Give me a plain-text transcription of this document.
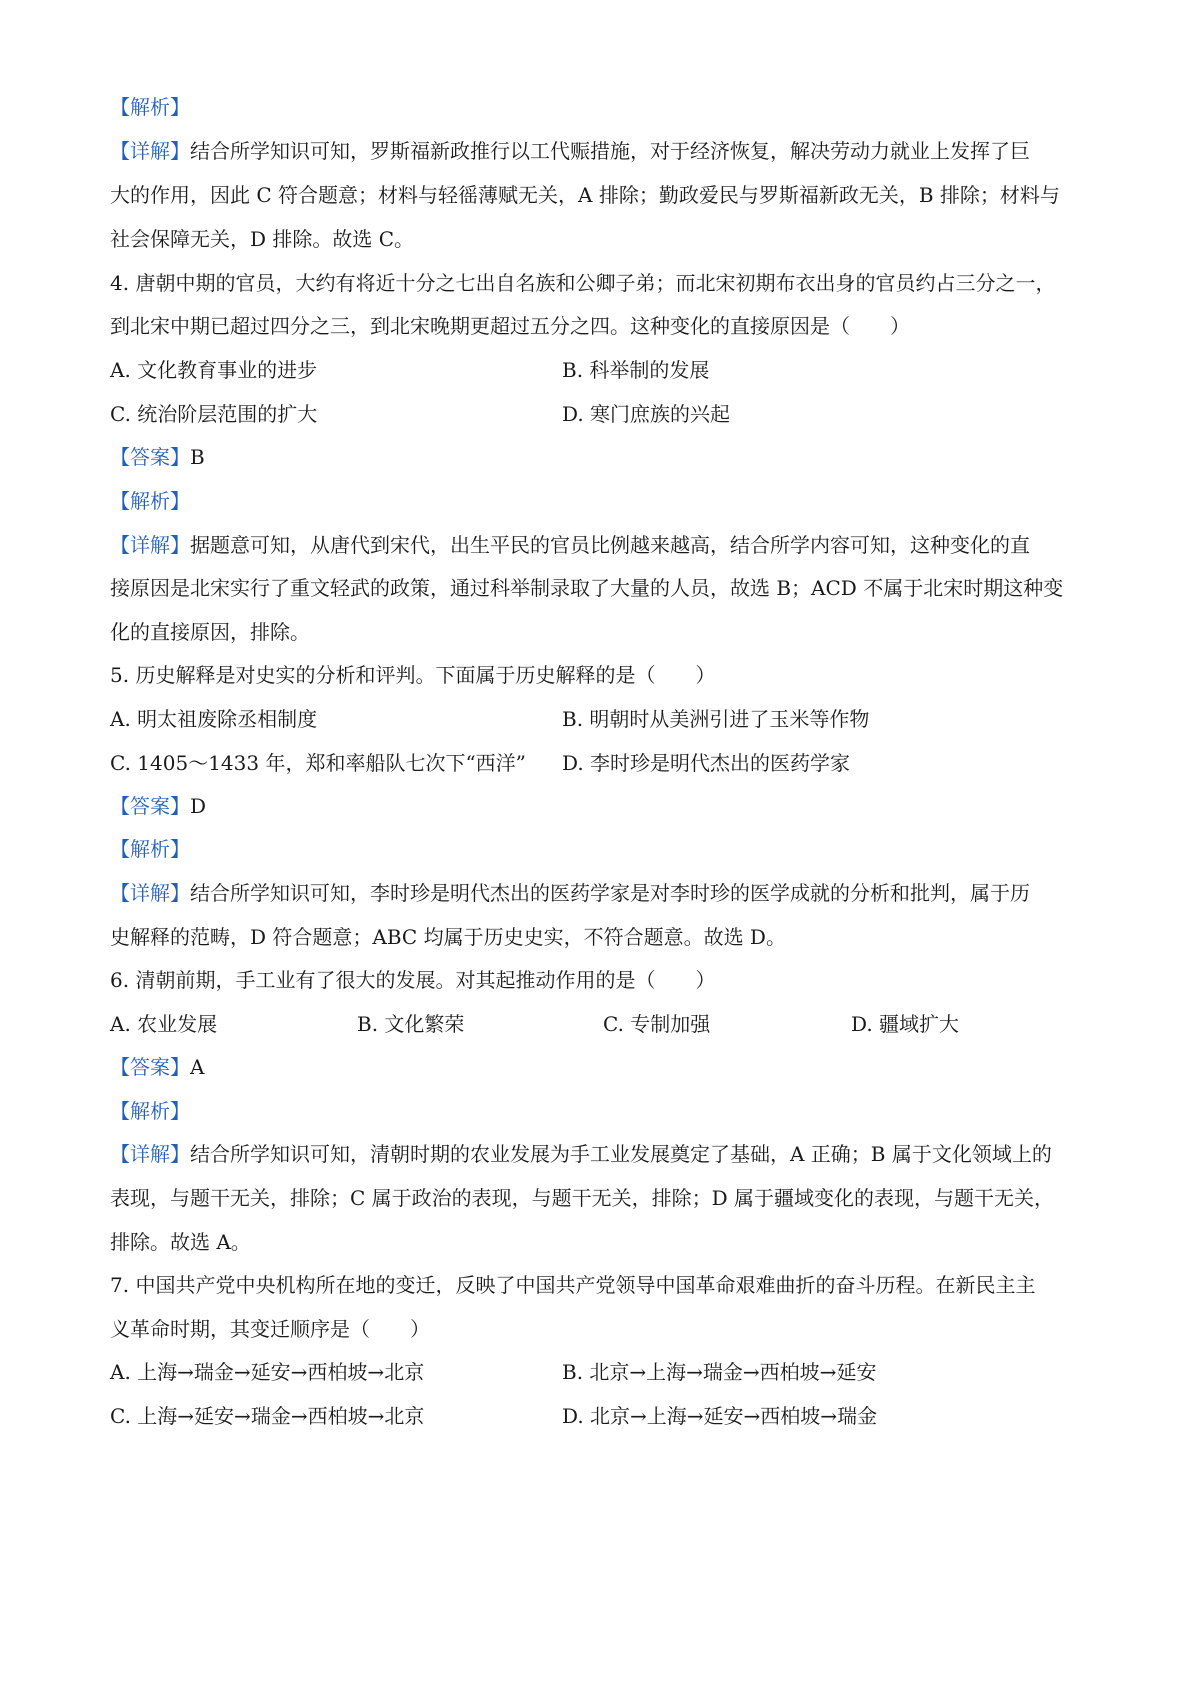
【解析】
【详解】结合所学知识可知，罗斯福新政推行以工代赈措施，对于经济恢复，解决劳动力就业上发挥了巨
大的作用，因此 C 符合题意；材料与轻徭薄赋无关，A 排除；勤政爱民与罗斯福新政无关，B 排除；材料与
社会保障无关，D 排除。故选 C。
4. 唐朝中期的官员，大约有将近十分之七出自名族和公卿子弟；而北宋初期布衣出身的官员约占三分之一，
到北宋中期已超过四分之三，到北宋晚期更超过五分之四。这种变化的直接原因是（　　）
A. 文化教育事业的进步	B. 科举制的发展
C. 统治阶层范围的扩大	D. 寒门庶族的兴起
【答案】B
【解析】
【详解】据题意可知，从唐代到宋代，出生平民的官员比例越来越高，结合所学内容可知，这种变化的直
接原因是北宋实行了重文轻武的政策，通过科举制录取了大量的人员，故选 B；ACD 不属于北宋时期这种变
化的直接原因，排除。
5. 历史解释是对史实的分析和评判。下面属于历史解释的是（　　）
A. 明太祖废除丞相制度	B. 明朝时从美洲引进了玉米等作物
C. 1405～1433 年，郑和率船队七次下“西洋” D. 李时珍是明代杰出的医药学家
【答案】D
【解析】
【详解】结合所学知识可知，李时珍是明代杰出的医药学家是对李时珍的医学成就的分析和批判，属于历
史解释的范畴，D 符合题意；ABC 均属于历史史实，不符合题意。故选 D。
6. 清朝前期，手工业有了很大的发展。对其起推动作用的是（　　）
A. 农业发展	B. 文化繁荣	C. 专制加强	D. 疆域扩大
【答案】A
【解析】
【详解】结合所学知识可知，清朝时期的农业发展为手工业发展奠定了基础，A 正确；B 属于文化领域上的
表现，与题干无关，排除；C 属于政治的表现，与题干无关，排除；D 属于疆域变化的表现，与题干无关，
排除。故选 A。
7. 中国共产党中央机构所在地的变迁，反映了中国共产党领导中国革命艰难曲折的奋斗历程。在新民主主
义革命时期，其变迁顺序是（　　）
A. 上海→瑞金→延安→西柏坡→北京	B. 北京→上海→瑞金→西柏坡→延安
C. 上海→延安→瑞金→西柏坡→北京	D. 北京→上海→延安→西柏坡→瑞金
